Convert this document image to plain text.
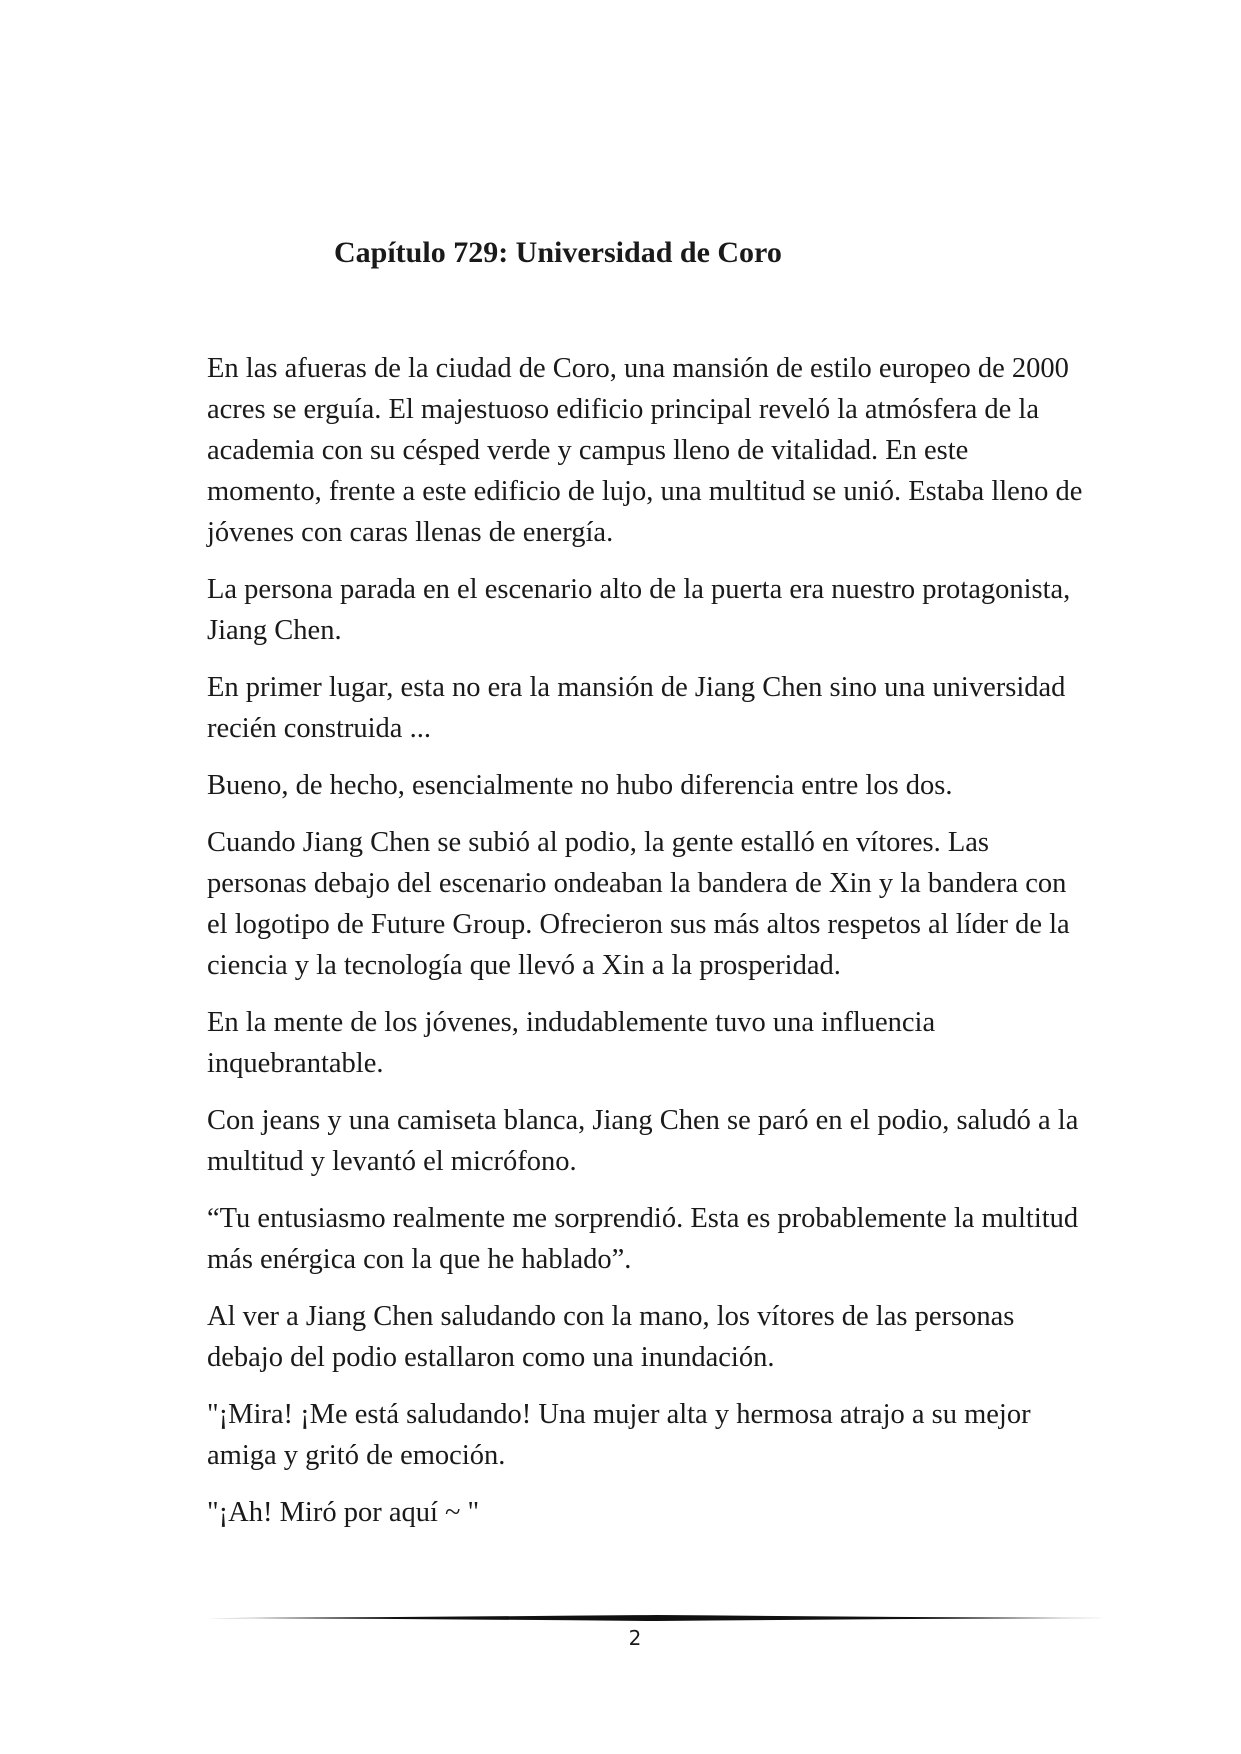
Capítulo 729: Universidad de Coro

En las afueras de la ciudad de Coro, una mansión de estilo europeo de 2000 acres se erguía. El majestuoso edificio principal reveló la atmósfera de la academia con su césped verde y campus lleno de vitalidad. En este momento, frente a este edificio de lujo, una multitud se unió. Estaba lleno de jóvenes con caras llenas de energía.

La persona parada en el escenario alto de la puerta era nuestro protagonista, Jiang Chen.

En primer lugar, esta no era la mansión de Jiang Chen sino una universidad recién construida ...

Bueno, de hecho, esencialmente no hubo diferencia entre los dos.

Cuando Jiang Chen se subió al podio, la gente estalló en vítores. Las personas debajo del escenario ondeaban la bandera de Xin y la bandera con el logotipo de Future Group. Ofrecieron sus más altos respetos al líder de la ciencia y la tecnología que llevó a Xin a la prosperidad.

En la mente de los jóvenes, indudablemente tuvo una influencia inquebrantable.

Con jeans y una camiseta blanca, Jiang Chen se paró en el podio, saludó a la multitud y levantó el micrófono.

“Tu entusiasmo realmente me sorprendió. Esta es probablemente la multitud más enérgica con la que he hablado”.

Al ver a Jiang Chen saludando con la mano, los vítores de las personas debajo del podio estallaron como una inundación.

"¡Mira! ¡Me está saludando! Una mujer alta y hermosa atrajo a su mejor amiga y gritó de emoción.

"¡Ah! Miró por aquí ~ "

2
